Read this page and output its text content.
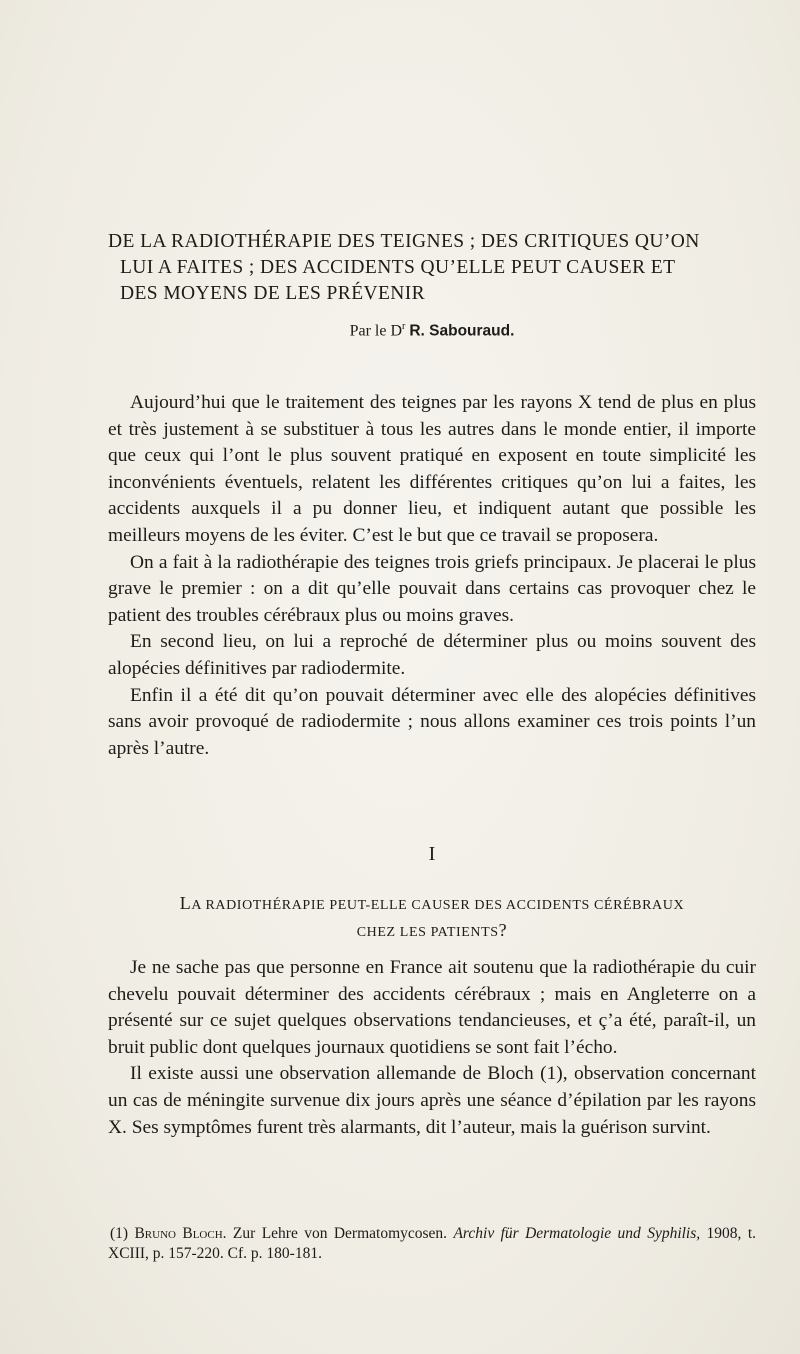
DE LA RADIOTHÉRAPIE DES TEIGNES ; DES CRITIQUES QU’ON
LUI A FAITES ; DES ACCIDENTS QU’ELLE PEUT CAUSER ET
DES MOYENS DE LES PRÉVENIR
Par le $D^r$ R. Sabouraud.

Aujourd’hui que le traitement des teignes par les rayons X tend de plus en plus et très justement à se substituer à tous les autres dans le monde entier, il importe que ceux qui l’ont le plus souvent pratiqué en exposent en toute simplicité les inconvénients éventuels, relatent les différentes critiques qu’on lui a faites, les accidents auxquels il a pu donner lieu, et indiquent autant que possible les meilleurs moyens de les éviter. C’est le but que ce travail se proposera.

On a fait à la radiothérapie des teignes trois griefs principaux. Je placerai le plus grave le premier : on a dit qu’elle pouvait dans certains cas provoquer chez le patient des troubles cérébraux plus ou moins graves.

En second lieu, on lui a reproché de déterminer plus ou moins souvent des alopécies définitives par radiodermite.

Enfin il a été dit qu’on pouvait déterminer avec elle des alopécies définitives sans avoir provoqué de radiodermite ; nous allons examiner ces trois points l’un après l’autre.

I
LA RADIOTHÉRAPIE PEUT-ELLE CAUSER DES ACCIDENTS CÉRÉBRAUX
CHEZ LES PATIENTS?

Je ne sache pas que personne en France ait soutenu que la radiothérapie du cuir chevelu pouvait déterminer des accidents cérébraux ; mais en Angleterre on a présenté sur ce sujet quelques observations tendancieuses, et ç’a été, paraît-il, un bruit public dont quelques journaux quotidiens se sont fait l’écho.

Il existe aussi une observation allemande de Bloch (1), observation concernant un cas de méningite survenue dix jours après une séance d’épilation par les rayons X. Ses symptômes furent très alarmants, dit l’auteur, mais la guérison survint.

(1) Bruno Bloch. Zur Lehre von Dermatomycosen. Archiv für Dermatologie und Syphilis, 1908, t. XCIII, p. 157-220. Cf. p. 180-181.
